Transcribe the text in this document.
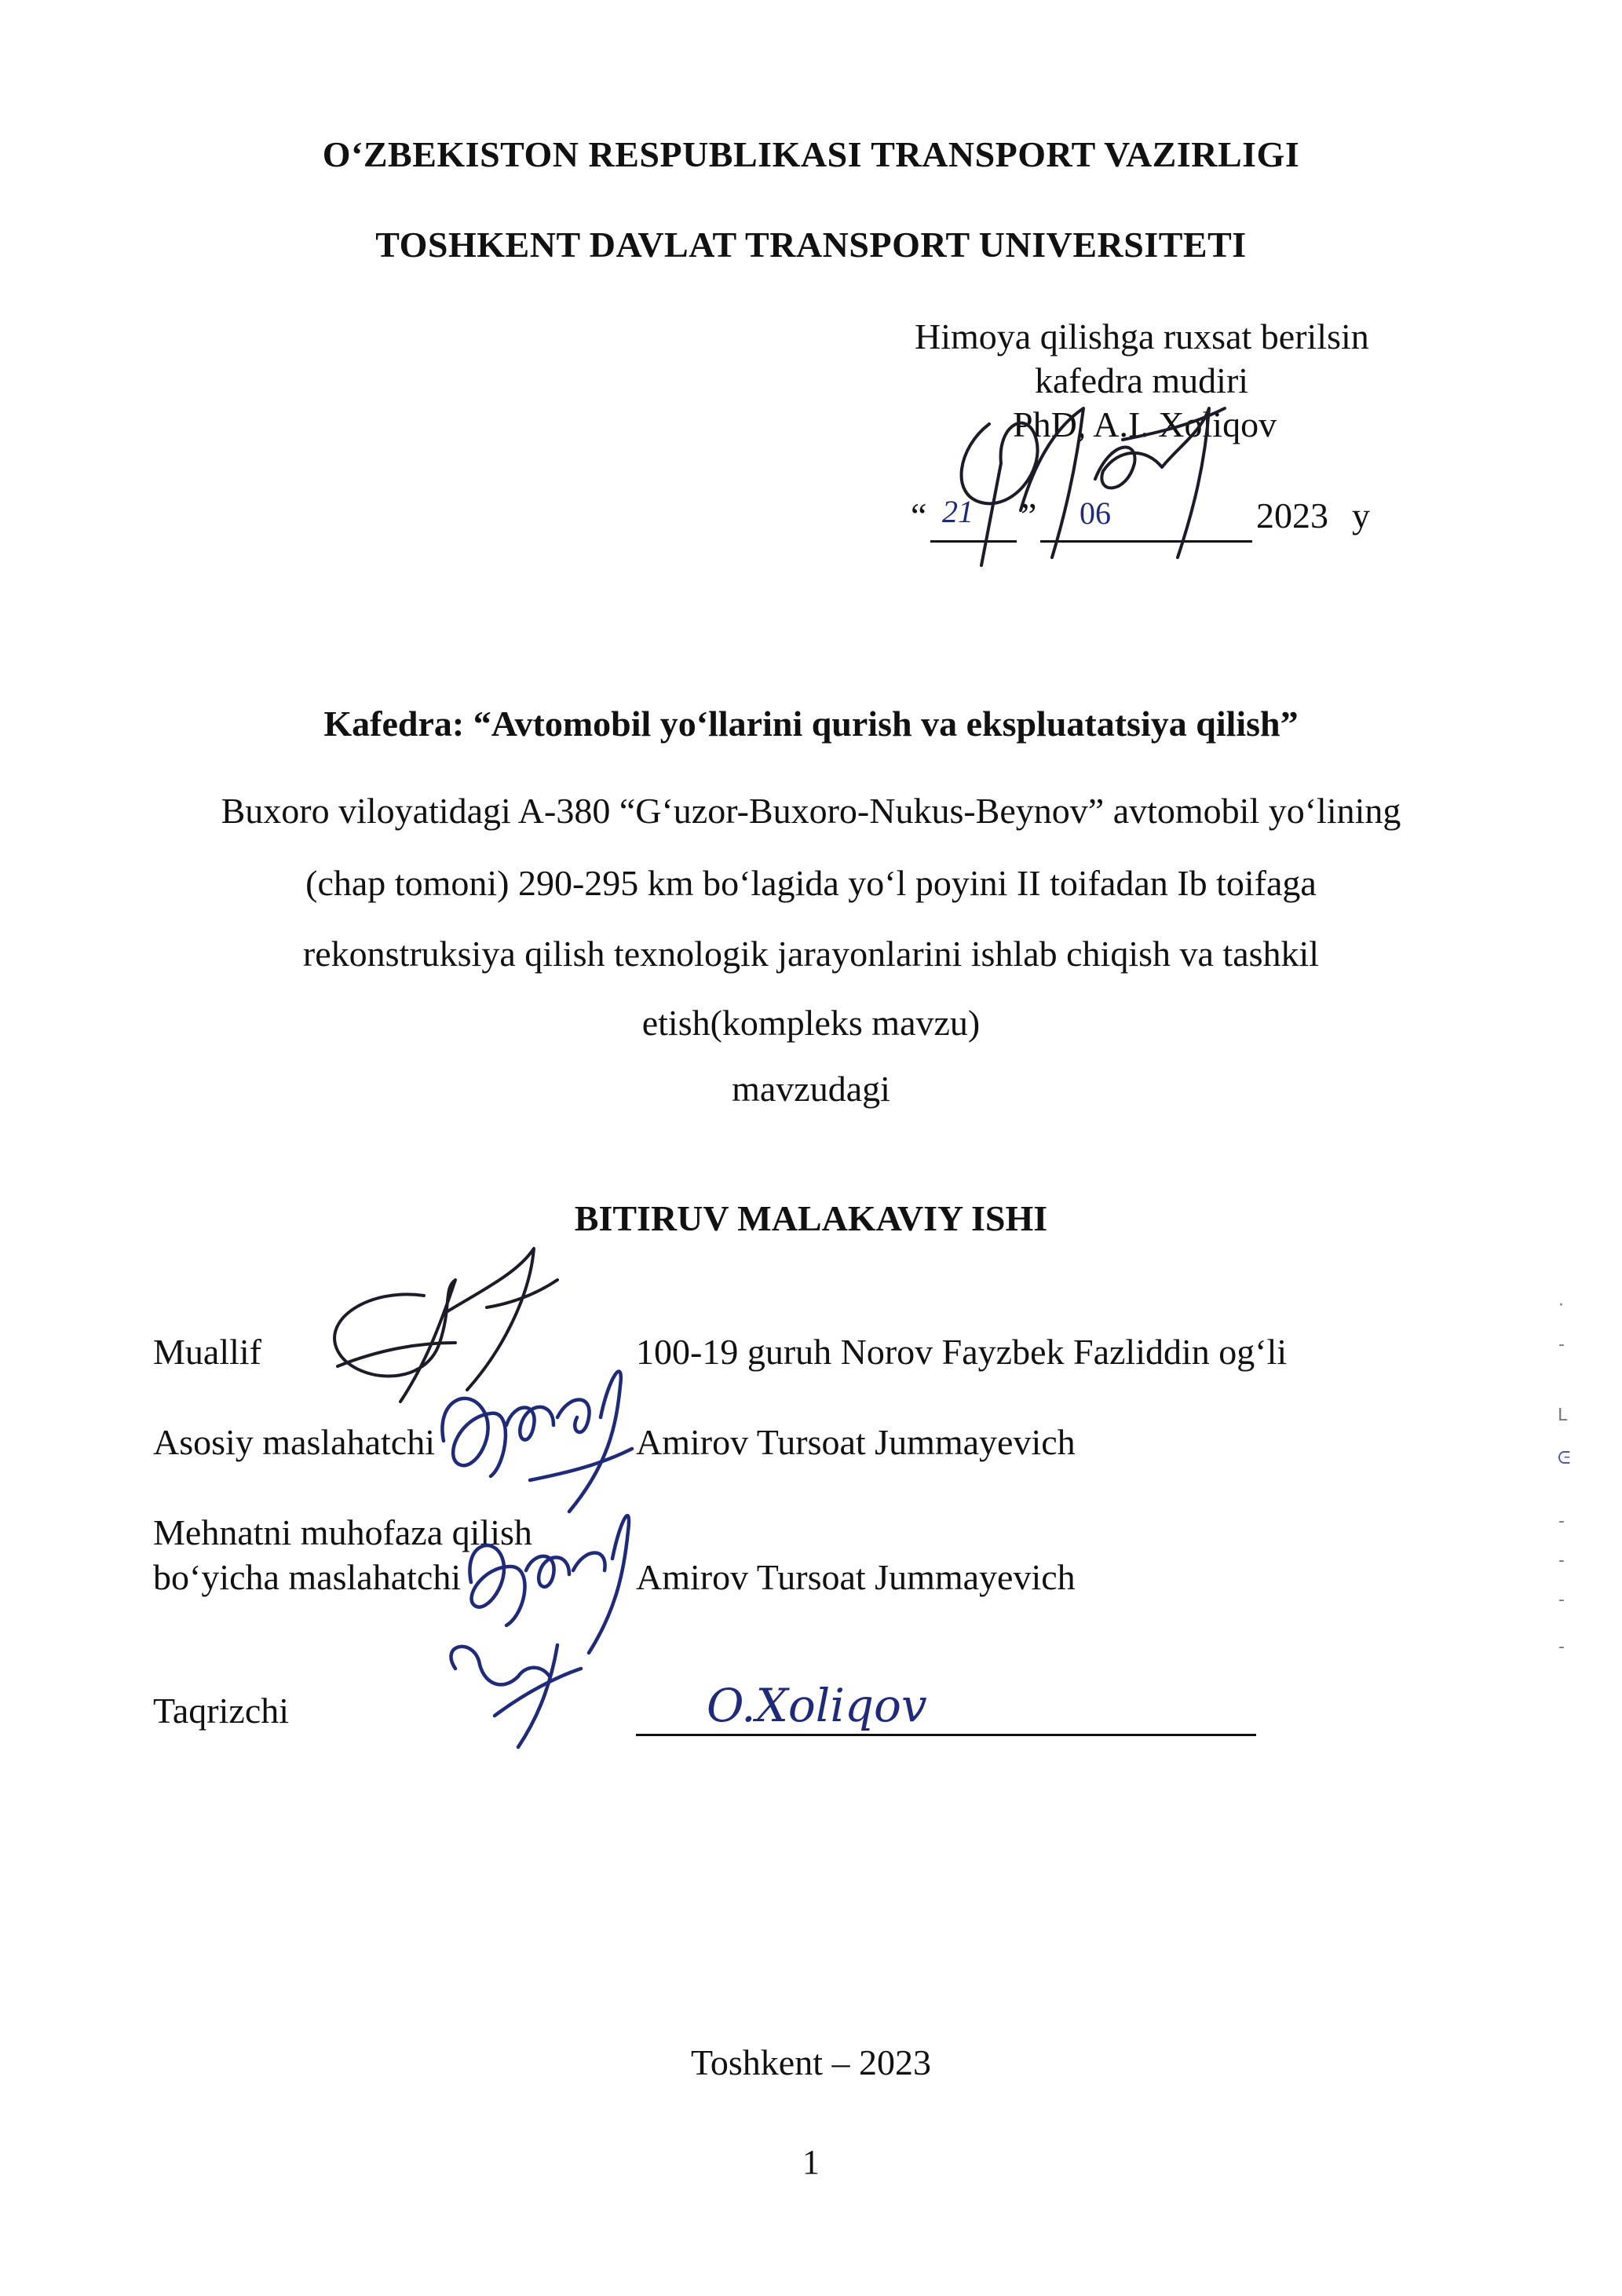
O‘ZBEKISTON RESPUBLIKASI TRANSPORT VAZIRLIGI
TOSHKENT DAVLAT TRANSPORT UNIVERSITETI
Himoya qilishga ruxsat berilsin
kafedra mudiri
PhD, A.I. Xoliqov
“ 21 ” 06	2023 y
Kafedra: “Avtomobil yo‘llarini qurish va ekspluatatsiya qilish”
Buxoro viloyatidagi A-380 “G‘uzor-Buxoro-Nukus-Beynov” avtomobil yo‘lining
(chap tomoni) 290-295 km bo‘lagida yo‘l poyini II toifadan Ib toifaga
rekonstruksiya qilish texnologik jarayonlarini ishlab chiqish va tashkil
etish(kompleks mavzu)
mavzudagi
BITIRUV MALAKAVIY ISHI
Muallif	100-19 guruh Norov Fayzbek Fazliddin og‘li
Asosiy maslahatchi	Amirov Tursoat Jummayevich
Mehnatni muhofaza qilish
bo‘yicha maslahatchi	Amirov Tursoat Jummayevich
Taqrizchi	O.Xoliqov
·
-
ᒪ
ᕮ
-
-
-
-
Toshkent – 2023
1
